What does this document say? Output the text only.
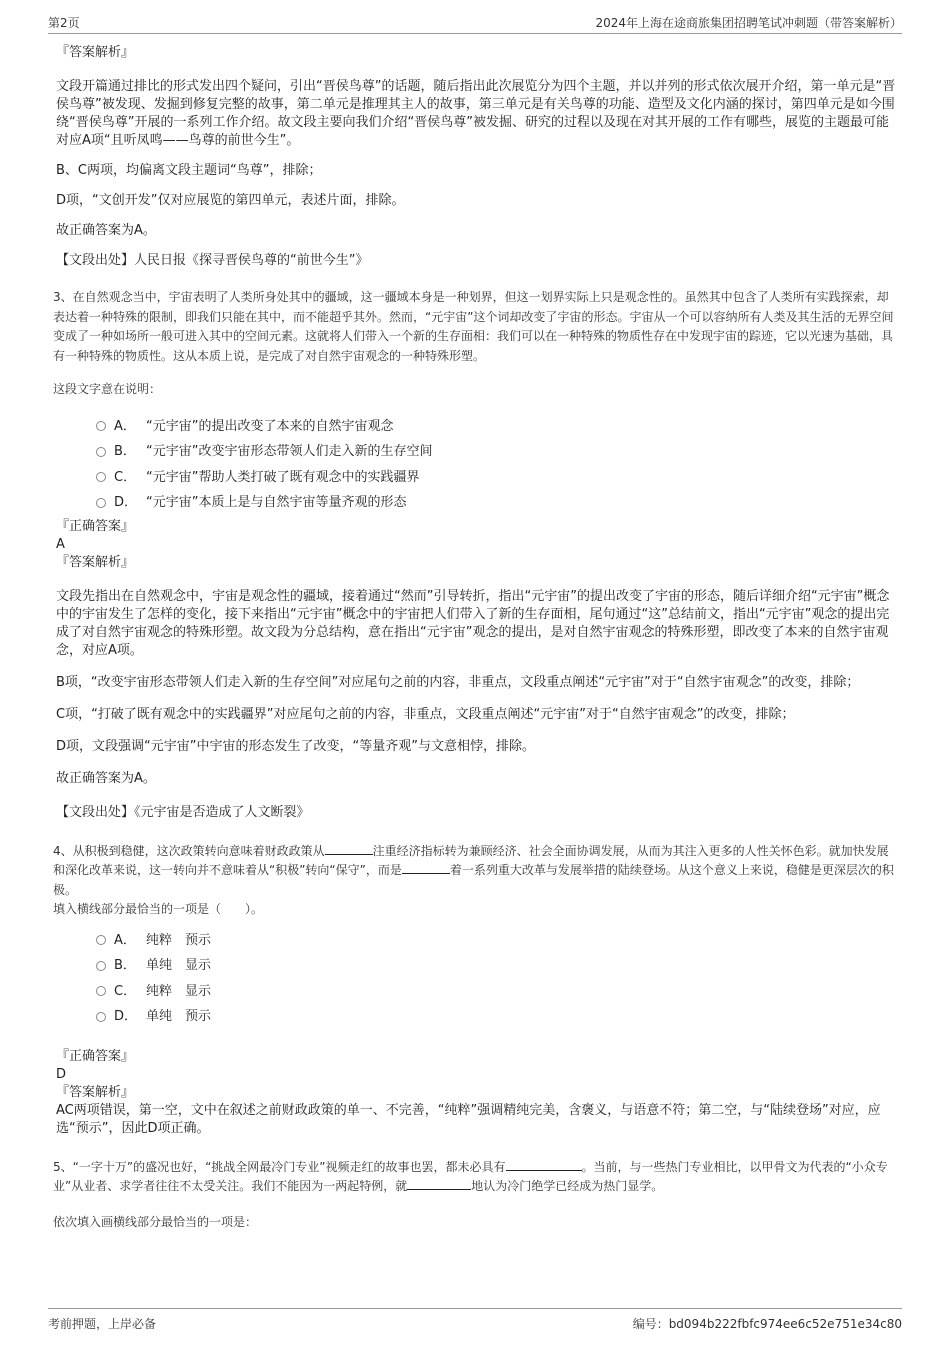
第2页	2024年上海在途商旅集团招聘笔试冲刺题（带答案解析）
『答案解析』
文段开篇通过排比的形式发出四个疑问，引出“晋侯鸟尊”的话题，随后指出此次展览分为四个主题，并以并列的形式依次展开介绍，第一单元是“晋侯鸟尊”被发现、发掘到修复完整的故事，第二单元是推理其主人的故事，第三单元是有关鸟尊的功能、造型及文化内涵的探讨，第四单元是如今围绕“晋侯鸟尊”开展的一系列工作介绍。故文段主要向我们介绍“晋侯鸟尊”被发掘、研究的过程以及现在对其开展的工作有哪些，展览的主题最可能对应A项“且听凤鸣——鸟尊的前世今生”。
B、C两项，均偏离文段主题词“鸟尊”，排除；
D项，“文创开发”仅对应展览的第四单元，表述片面，排除。
故正确答案为A。
【文段出处】人民日报《探寻晋侯鸟尊的“前世今生”》
3、在自然观念当中，宇宙表明了人类所身处其中的疆域，这一疆域本身是一种划界，但这一划界实际上只是观念性的。虽然其中包含了人类所有实践探索，却表达着一种特殊的限制，即我们只能在其中，而不能超乎其外。然而，“元宇宙”这个词却改变了宇宙的形态。宇宙从一个可以容纳所有人类及其生活的无界空间变成了一种如场所一般可进入其中的空间元素。这就将人们带入一个新的生存面相：我们可以在一种特殊的物质性存在中发现宇宙的踪迹，它以光速为基础，具有一种特殊的物质性。这从本质上说，是完成了对自然宇宙观念的一种特殊形塑。
这段文字意在说明：
A． “元宇宙”的提出改变了本来的自然宇宙观念
B． “元宇宙”改变宇宙形态带领人们走入新的生存空间
C． “元宇宙”帮助人类打破了既有观念中的实践疆界
D． “元宇宙”本质上是与自然宇宙等量齐观的形态
『正确答案』
A
『答案解析』
文段先指出在自然观念中，宇宙是观念性的疆域，接着通过“然而”引导转折，指出“元宇宙”的提出改变了宇宙的形态，随后详细介绍“元宇宙”概念中的宇宙发生了怎样的变化，接下来指出“元宇宙”概念中的宇宙把人们带入了新的生存面相，尾句通过“这”总结前文，指出“元宇宙”观念的提出完成了对自然宇宙观念的特殊形塑。故文段为分总结构，意在指出“元宇宙”观念的提出，是对自然宇宙观念的特殊形塑，即改变了本来的自然宇宙观念，对应A项。
B项，“改变宇宙形态带领人们走入新的生存空间”对应尾句之前的内容，非重点，文段重点阐述“元宇宙”对于“自然宇宙观念”的改变，排除；
C项，“打破了既有观念中的实践疆界”对应尾句之前的内容，非重点，文段重点阐述“元宇宙”对于“自然宇宙观念”的改变，排除；
D项，文段强调“元宇宙”中宇宙的形态发生了改变，“等量齐观”与文意相悖，排除。
故正确答案为A。
【文段出处】《元宇宙是否造成了人文断裂》
4、从积极到稳健，这次政策转向意味着财政政策从	注重经济指标转为兼顾经济、社会全面协调发展，从而为其注入更多的人性关怀色彩。就加快发展和深化改革来说，这一转向并不意味着从“积极”转向“保守”，而是	着一系列重大改革与发展举措的陆续登场。从这个意义上来说，稳健是更深层次的积极。
填入横线部分最恰当的一项是（　　）。
A． 纯粹　预示
B． 单纯　显示
C． 纯粹　显示
D． 单纯　预示
『正确答案』
D
『答案解析』
AC两项错误，第一空，文中在叙述之前财政政策的单一、不完善，“纯粹”强调精纯完美，含褒义，与语意不符；第二空，与“陆续登场”对应，应选“预示”，因此D项正确。
5、“一字十万”的盛况也好，“挑战全网最冷门专业”视频走红的故事也罢，都未必具有	。当前，与一些热门专业相比，以甲骨文为代表的“小众专业”从业者、求学者往往不太受关注。我们不能因为一两起特例，就	地认为冷门绝学已经成为热门显学。
依次填入画横线部分最恰当的一项是：
考前押题，上岸必备	编号：bd094b222fbfc974ee6c52e751e34c80
